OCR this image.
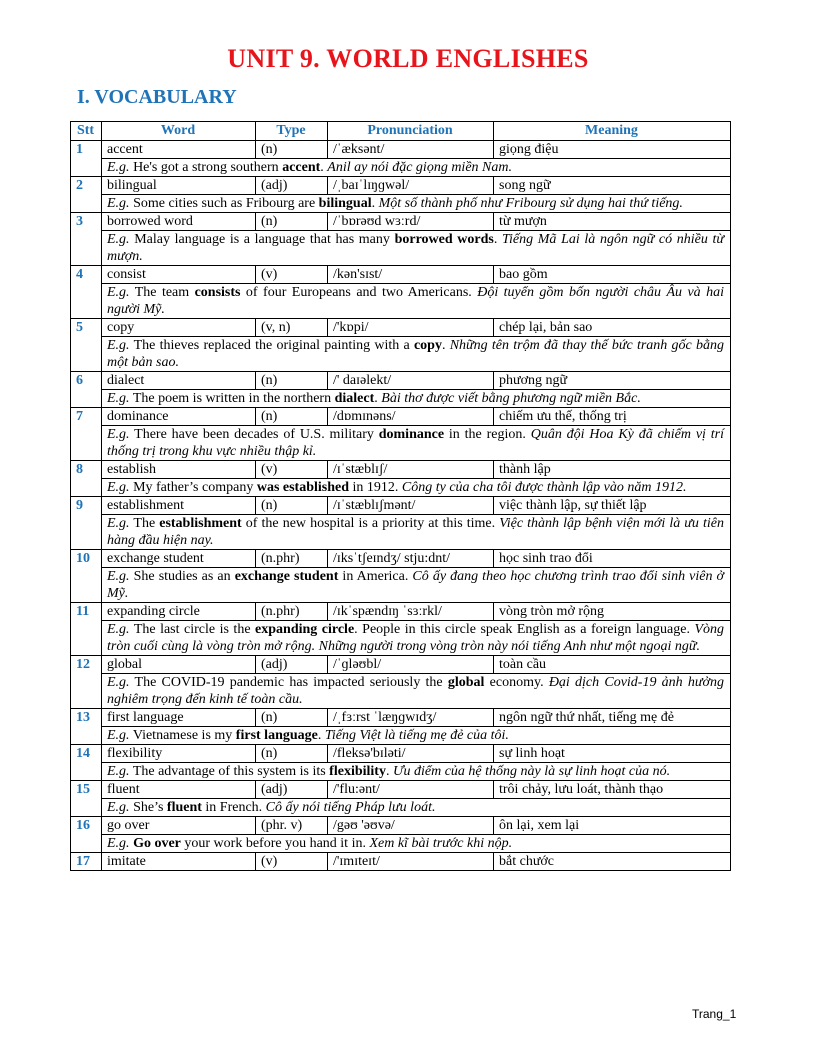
UNIT 9. WORLD ENGLISHES
I. VOCABULARY
Stt	Word	Type	Pronunciation	Meaning
1	accent	(n)	/ˈæksənt/	giọng điệu
	E.g. He's got a strong southern accent. Anil ay nói đặc giọng miền Nam.			
2	bilingual	(adj)	/ˌbaɪˈlɪŋɡwəl/	song ngữ
	E.g. Some cities such as Fribourg are bilingual. Một số thành phố như Fribourg sử dụng hai thứ tiếng.			
3	borrowed word	(n)	/ˈbɒrəʊd wɜːrd/	từ mượn
	E.g. Malay language is a language that has many borrowed words. Tiếng Mã Lai là ngôn ngữ có nhiều từ mượn.			
4	consist	(v)	/kən'sɪst/	bao gồm
	E.g. The team consists of four Europeans and two Americans. Đội tuyển gồm bốn người châu Âu và hai người Mỹ.			
5	copy	(v, n)	/'kɒpi/	chép lại, bản sao
	E.g. The thieves replaced the original painting with a copy. Những tên trộm đã thay thế bức tranh gốc bằng một bản sao.			
6	dialect	(n)	/' daɪəlekt/	phương ngữ
	E.g. The poem is written in the northern dialect. Bài thơ được viết bằng phương ngữ miền Bắc.			
7	dominance	(n)	/dɒmɪnəns/	chiếm ưu thế, thống trị
	E.g. There have been decades of U.S. military dominance in the region. Quân đội Hoa Kỳ đã chiếm vị trí thống trị trong khu vực nhiều thập kỉ.			
8	establish	(v)	/ɪˈstæblɪʃ/	thành lập
	E.g. My father’s company was established in 1912. Công ty của cha tôi được thành lập vào năm 1912.			
9	establishment	(n)	/ɪˈstæblɪʃmənt/	việc thành lập, sự thiết lập
	E.g. The establishment of the new hospital is a priority at this time. Việc thành lập bệnh viện mới là ưu tiên hàng đầu hiện nay.			
10	exchange student	(n.phr)	/ɪksˈtʃeɪndʒ/ stju:dnt/	học sinh trao đổi
	E.g. She studies as an exchange student in America. Cô ấy đang theo học chương trình trao đổi sinh viên ở Mỹ.			
11	expanding circle	(n.phr)	/ɪkˈspændɪŋ ˈsɜːrkl/	vòng tròn mở rộng
	E.g. The last circle is the expanding circle. People in this circle speak English as a foreign language. Vòng tròn cuối cùng là vòng tròn mở rộng. Những người trong vòng tròn này nói tiếng Anh như một ngoại ngữ.			
12	global	(adj)	/ˈɡləʊbl/	toàn cầu
	E.g. The COVID-19 pandemic has impacted seriously the global economy. Đại dịch Covid-19 ảnh hưởng nghiêm trọng đến kinh tế toàn cầu.			
13	first language	(n)	/ˌfɜːrst ˈlæŋɡwɪdʒ/	ngôn ngữ thứ nhất, tiếng mẹ đẻ
	E.g. Vietnamese is my first language. Tiếng Việt là tiếng mẹ đẻ của tôi.			
14	flexibility	(n)	/fleksə'bɪləti/	sự linh hoạt
	E.g. The advantage of this system is its flexibility. Ưu điểm của hệ thống này là sự linh hoạt của nó.			
15	fluent	(adj)	/'flu:ənt/	trôi chảy, lưu loát, thành thạo
	E.g. She’s fluent in French. Cô ấy nói tiếng Pháp lưu loát.			
16	go over	(phr. v)	/gəʊ 'əʊvə/	ôn lại, xem lại
	E.g. Go over your work before you hand it in. Xem kĩ bài trước khi nộp.			
17	imitate	(v)	/'ɪmɪteɪt/	bắt chước
Trang_1
